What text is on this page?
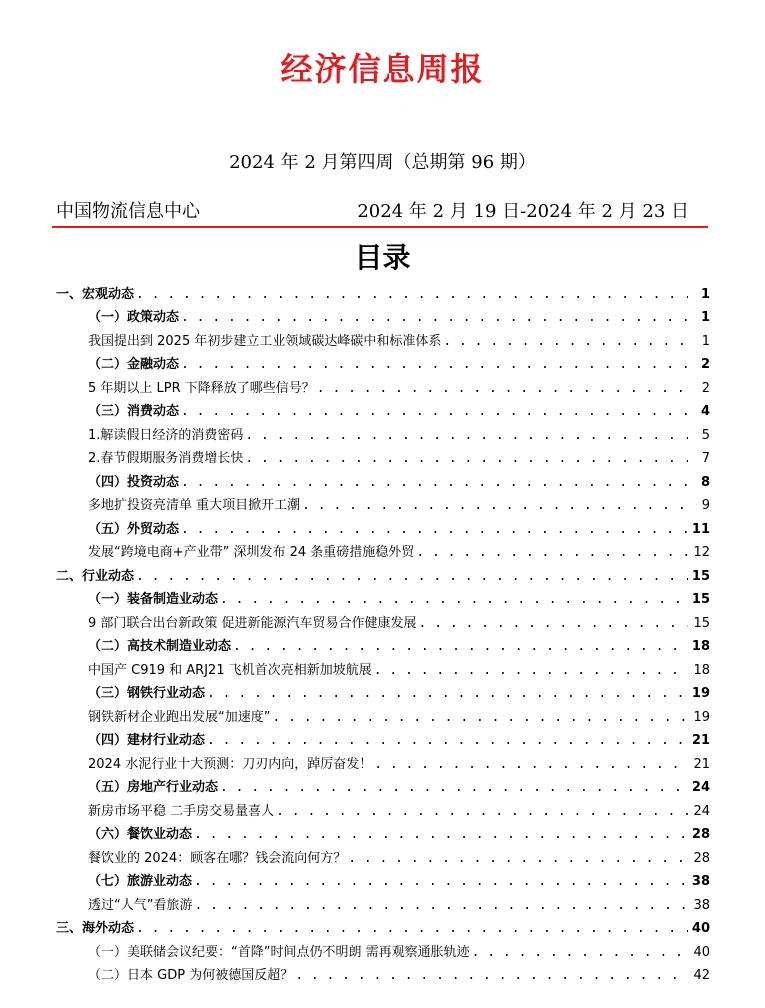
经济信息周报
2024 年 2 月第四周（总期第 96 期）
中国物流信息中心	2024 年 2 月 19 日-2024 年 2 月 23 日
目录
一、宏观动态 . . .	1
（一）政策动态 . . .	1
我国提出到 2025 年初步建立工业领域碳达峰碳中和标准体系 . . .	1
（二）金融动态 . . .	2
5 年期以上 LPR 下降释放了哪些信号？ . . .	2
（三）消费动态 . . .	4
1.解读假日经济的消费密码 . . .	5
2.春节假期服务消费增长快 . . .	7
（四）投资动态 . . .	8
多地扩投资亮清单 重大项目掀开工潮 . . .	9
（五）外贸动态 . . .	11
发展“跨境电商+产业带” 深圳发布 24 条重磅措施稳外贸 . . .	12
二、行业动态 . . .	15
（一）装备制造业动态 . . .	15
9 部门联合出台新政策 促进新能源汽车贸易合作健康发展 . . .	15
（二）高技术制造业动态 . . .	18
中国产 C919 和 ARJ21 飞机首次亮相新加坡航展 . . .	18
（三）钢铁行业动态 . . .	19
钢铁新材企业跑出发展“加速度” . . .	19
（四）建材行业动态 . . .	21
2024 水泥行业十大预测：刀刃内向，踔厉奋发！ . . .	21
（五）房地产行业动态 . . .	24
新房市场平稳 二手房交易量喜人 . . .	24
（六）餐饮业动态 . . .	28
餐饮业的 2024：顾客在哪？钱会流向何方？ . . .	28
（七）旅游业动态 . . .	38
透过“人气”看旅游 . . .	38
三、海外动态 . . .	40
（一）美联储会议纪要：“首降”时间点仍不明朗 需再观察通胀轨迹 . . .	40
（二）日本 GDP 为何被德国反超？ . . .	42
